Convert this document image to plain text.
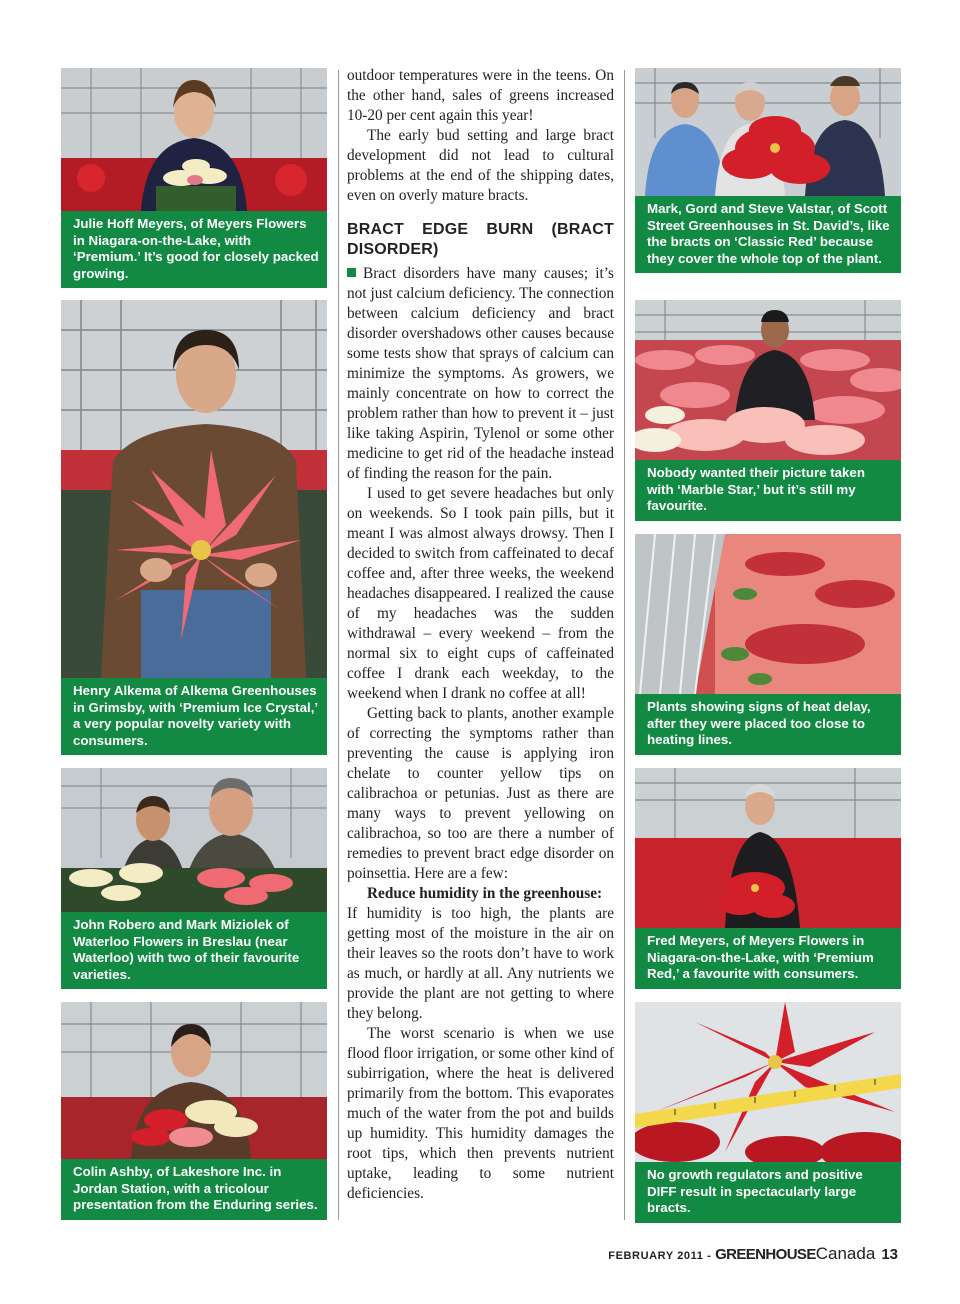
Julie Hoff Meyers, of Meyers Flowers in Niagara-on-the-Lake, with ‘Premium.’ It’s good for closely packed growing.
Henry Alkema of Alkema Greenhouses in Grimsby, with ‘Premium Ice Crystal,’ a very popular novelty variety with consumers.
John Robero and Mark Miziolek of Waterloo Flowers in Breslau (near Waterloo) with two of their favourite varieties.
Colin Ashby, of Lakeshore Inc. in Jordan Station, with a tricolour presentation from the Enduring series.

outdoor temperatures were in the teens. On the other hand, sales of greens increased 10-20 per cent again this year!

The early bud setting and large bract development did not lead to cultural problems at the end of the shipping dates, even on overly mature bracts.

BRACT EDGE BURN (BRACT DISORDER)

Bract disorders have many causes; it’s not just calcium deficiency. The connection between calcium deficiency and bract disorder overshadows other causes because some tests show that sprays of calcium can minimize the symptoms. As growers, we mainly concentrate on how to correct the problem rather than how to prevent it – just like taking Aspirin, Tylenol or some other medicine to get rid of the headache instead of finding the reason for the pain.

I used to get severe headaches but only on weekends. So I took pain pills, but it meant I was almost always drowsy. Then I decided to switch from caffeinated to decaf coffee and, after three weeks, the weekend headaches disappeared. I realized the cause of my headaches was the sudden withdrawal – every weekend – from the normal six to eight cups of caffeinated coffee I drank each weekday, to the weekend when I drank no coffee at all!

Getting back to plants, another example of correcting the symptoms rather than preventing the cause is applying iron chelate to counter yellow tips on calibrachoa or petunias. Just as there are many ways to prevent yellowing on calibrachoa, so too are there a number of remedies to prevent bract edge disorder on poinsettia. Here are a few:

Reduce humidity in the greenhouse:

If humidity is too high, the plants are getting most of the moisture in the air on their leaves so the roots don’t have to work as much, or hardly at all. Any nutrients we provide the plant are not getting to where they belong.

The worst scenario is when we use flood floor irrigation, or some other kind of subirrigation, where the heat is delivered primarily from the bottom. This evaporates much of the water from the pot and builds up humidity. This humidity damages the root tips, which then prevents nutrient uptake, leading to some nutrient deficiencies.

Mark, Gord and Steve Valstar, of Scott Street Greenhouses in St. David’s, like the bracts on ‘Classic Red’ because they cover the whole top of the plant.
Nobody wanted their picture taken with ‘Marble Star,’ but it’s still my favourite.
Plants showing signs of heat delay, after they were placed too close to heating lines.
Fred Meyers, of Meyers Flowers in Niagara-on-the-Lake, with ‘Premium Red,’ a favourite with consumers.
No growth regulators and positive DIFF result in spectacularly large bracts.
FEBRUARY 2011 - GREENHOUSECanada 13
